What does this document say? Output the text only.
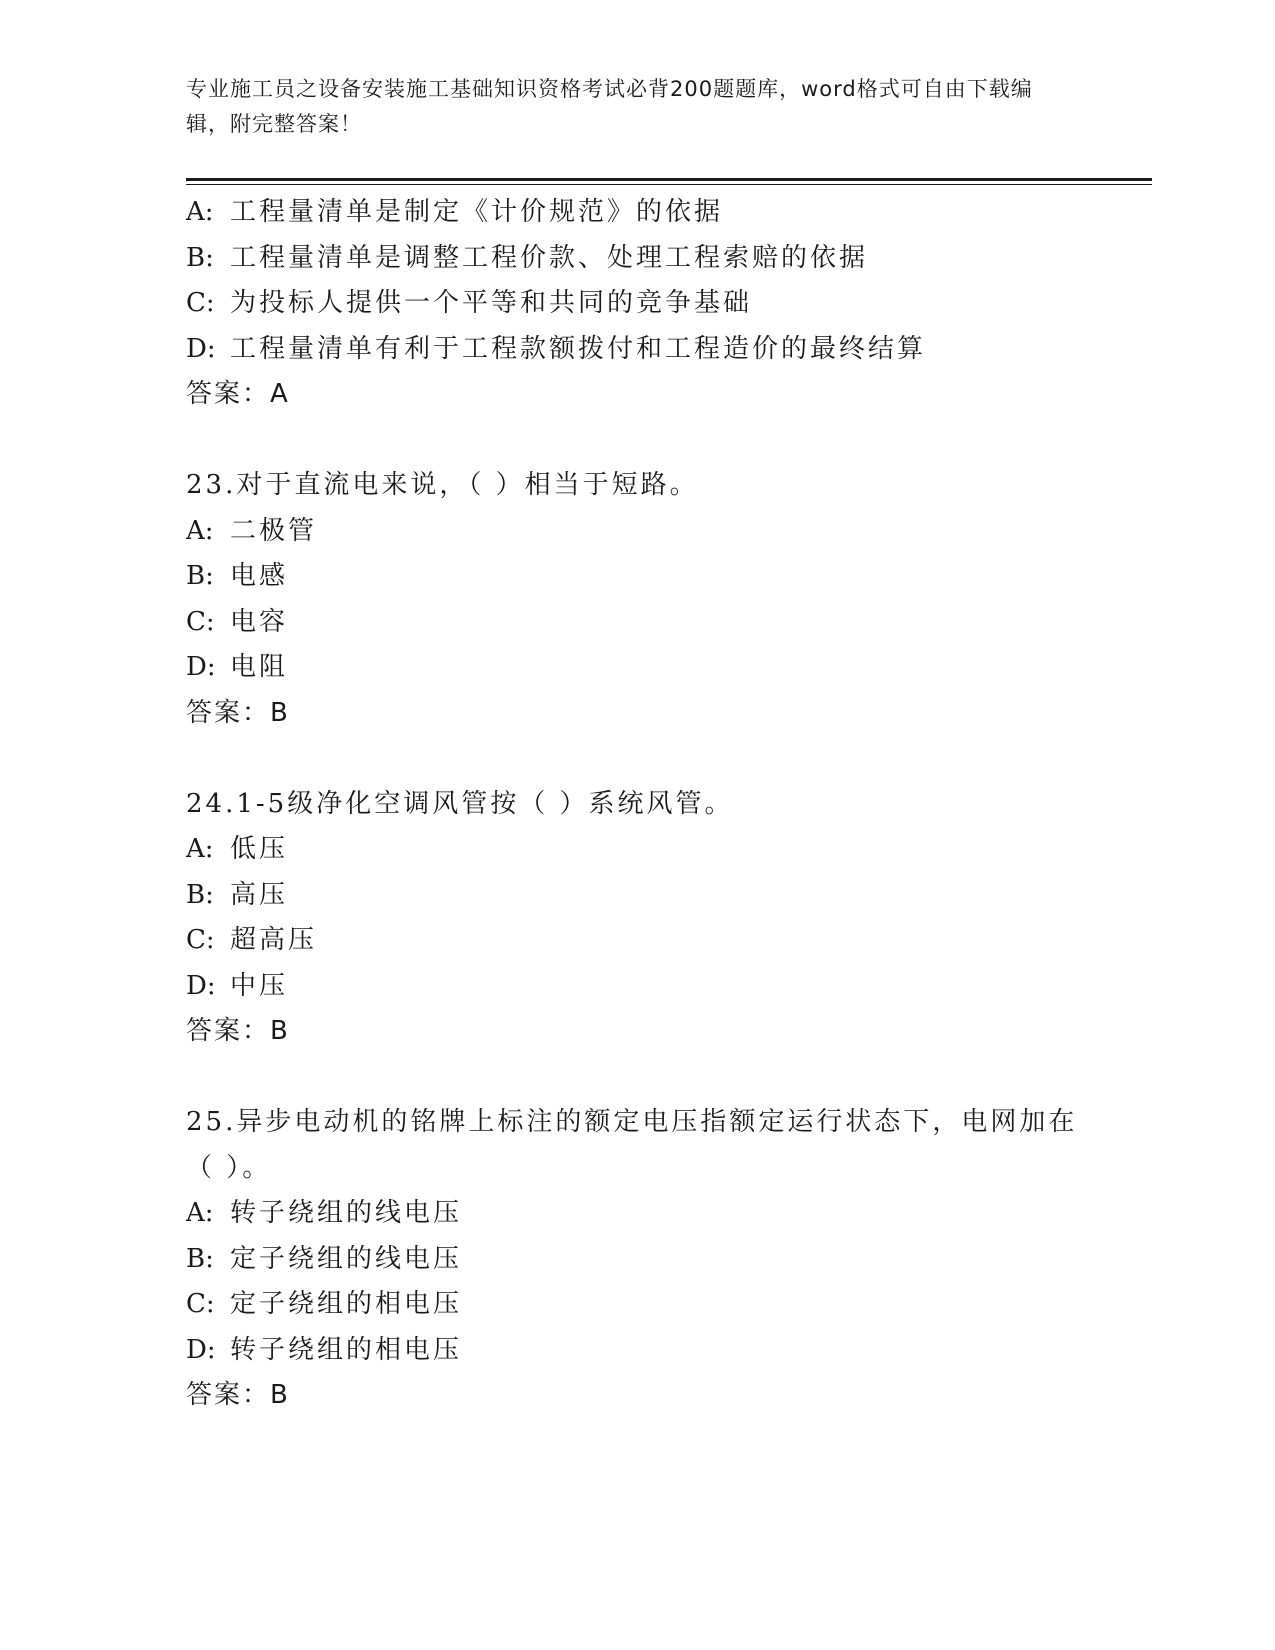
专业施工员之设备安装施工基础知识资格考试必背200题题库，word格式可自由下载编辑，附完整答案！
A: 工程量清单是制定《计价规范》的依据
B: 工程量清单是调整工程价款、处理工程索赔的依据
C: 为投标人提供一个平等和共同的竞争基础
D: 工程量清单有利于工程款额拨付和工程造价的最终结算
答案：A
23.对于直流电来说，（ ）相当于短路。
A: 二极管
B: 电感
C: 电容
D: 电阻
答案：B
24.1-5级净化空调风管按（ ）系统风管。
A: 低压
B: 高压
C: 超高压
D: 中压
答案：B
25.异步电动机的铭牌上标注的额定电压指额定运行状态下，电网加在
（ ）。
A: 转子绕组的线电压
B: 定子绕组的线电压
C: 定子绕组的相电压
D: 转子绕组的相电压
答案：B
